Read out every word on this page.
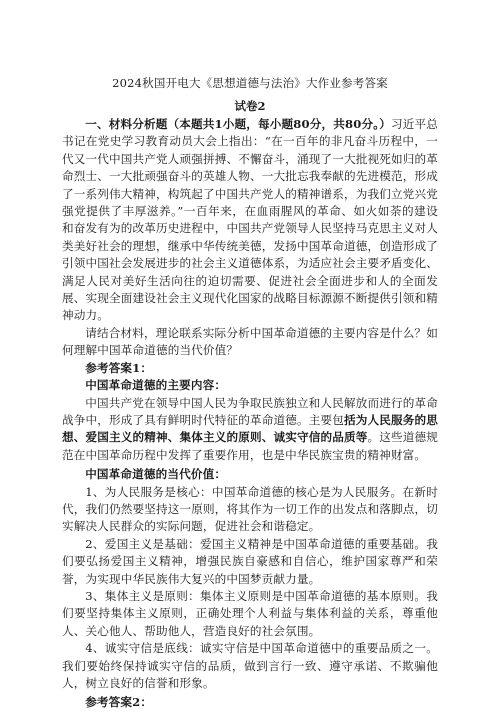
2024秋国开电大《思想道德与法治》大作业参考答案
试卷2

一、材料分析题（本题共1小题，每小题80分，共80分。）习近平总书记在党史学习教育动员大会上指出：“在一百年的非凡奋斗历程中，一代又一代中国共产党人顽强拼搏、不懈奋斗，涌现了一大批视死如归的革命烈士、一大批顽强奋斗的英雄人物、一大批忘我奉献的先进模范，形成了一系列伟大精神，构筑起了中国共产党人的精神谱系，为我们立党兴党强党提供了丰厚滋养。”一百年来，在血雨腥风的革命、如火如荼的建设和奋发有为的改革历史进程中，中国共产党领导人民坚持马克思主义对人类美好社会的理想，继承中华传统美德，发扬中国革命道德，创造形成了引领中国社会发展进步的社会主义道德体系，为适应社会主要矛盾变化、满足人民对美好生活向往的迫切需要、促进社会全面进步和人的全面发展、实现全面建设社会主义现代化国家的战略目标源源不断提供引领和精神动力。

请结合材料，理论联系实际分析中国革命道德的主要内容是什么？如何理解中国革命道德的当代价值？

参考答案1：

中国革命道德的主要内容：

中国共产党在领导中国人民为争取民族独立和人民解放而进行的革命战争中，形成了具有鲜明时代特征的革命道德。主要包括为人民服务的思想、爱国主义的精神、集体主义的原则、诚实守信的品质等。这些道德规范在中国革命历程中发挥了重要作用，也是中华民族宝贵的精神财富。

中国革命道德的当代价值：

1、为人民服务是核心：中国革命道德的核心是为人民服务。在新时代，我们仍然要坚持这一原则，将其作为一切工作的出发点和落脚点，切实解决人民群众的实际问题，促进社会和谐稳定。

2、爱国主义是基础：爱国主义精神是中国革命道德的重要基础。我们要弘扬爱国主义精神，增强民族自豪感和自信心，维护国家尊严和荣誉，为实现中华民族伟大复兴的中国梦贡献力量。

3、集体主义是原则：集体主义原则是中国革命道德的基本原则。我们要坚持集体主义原则，正确处理个人利益与集体利益的关系，尊重他人、关心他人、帮助他人，营造良好的社会氛围。

4、诚实守信是底线：诚实守信是中国革命道德中的重要品质之一。我们要始终保持诚实守信的品质，做到言行一致、遵守承诺、不欺骗他人，树立良好的信誉和形象。

参考答案2：
